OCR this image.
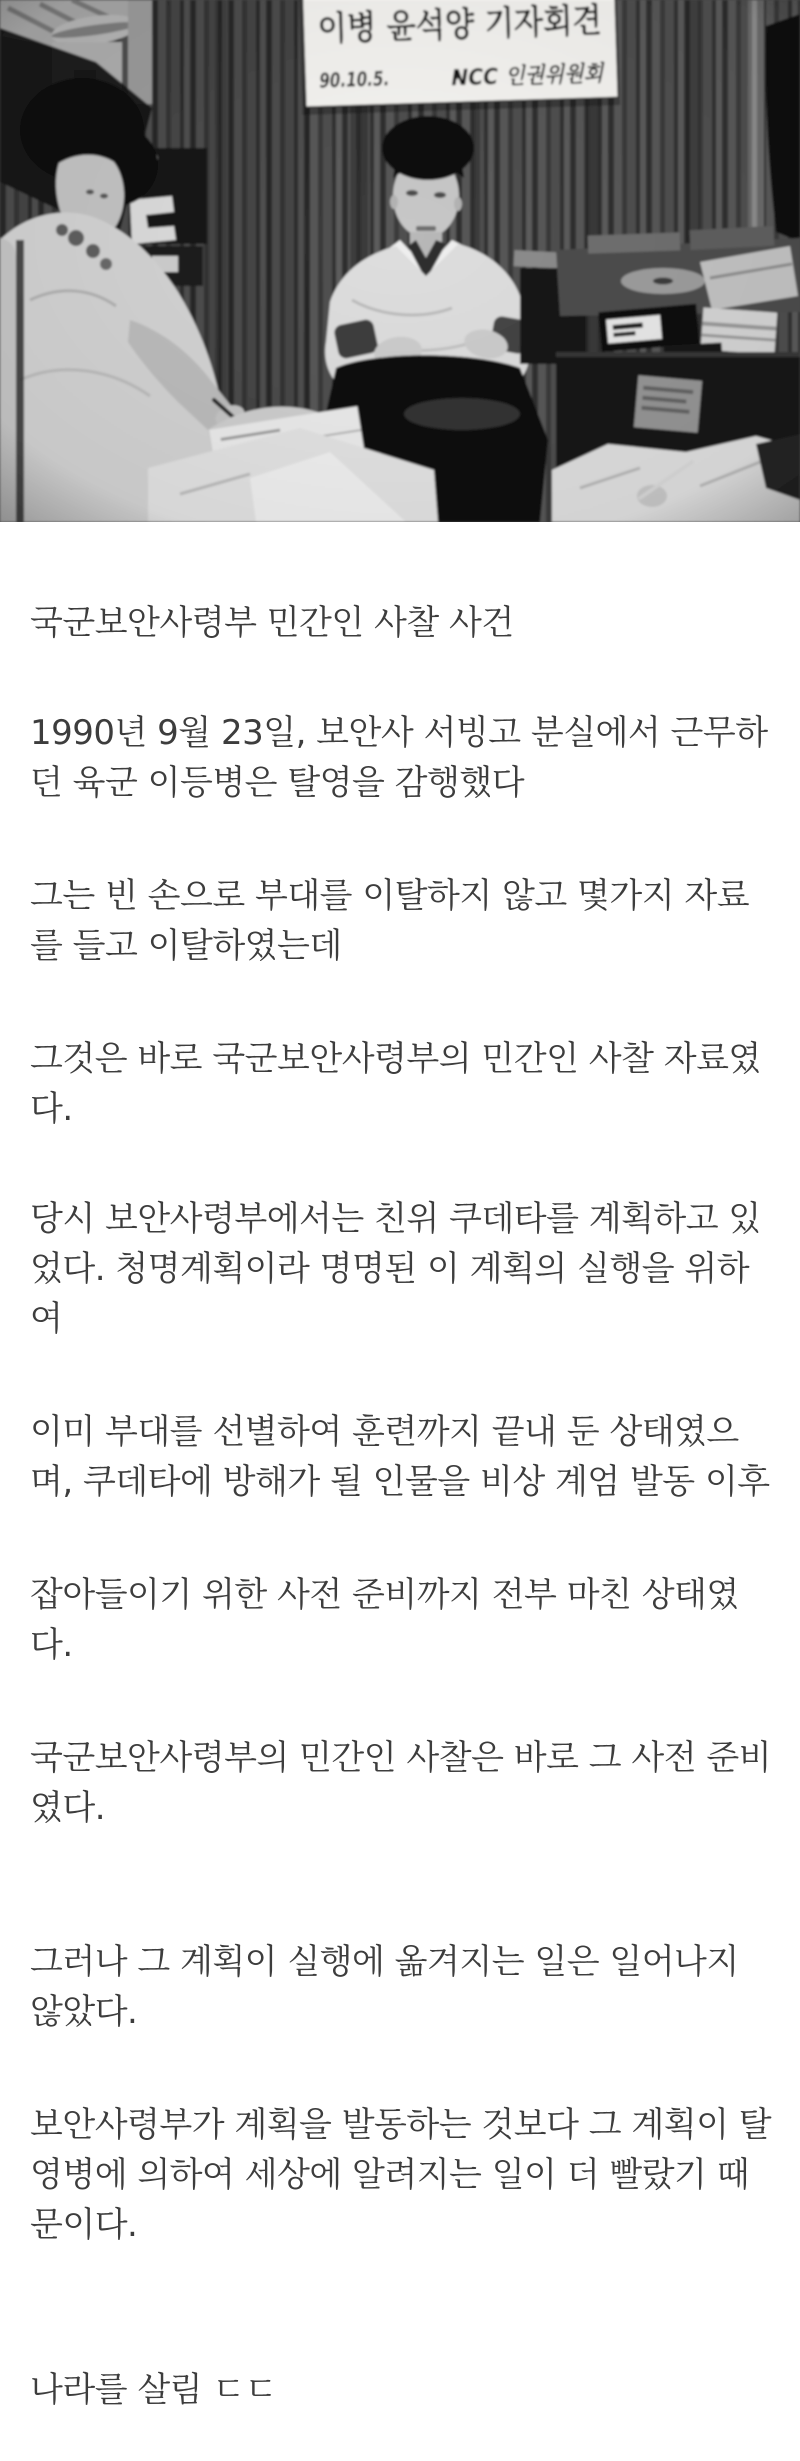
국군보안사령부 민간인 사찰 사건
1990년 9월 23일, 보안사 서빙고 분실에서 근무하
던 육군 이등병은 탈영을 감행했다
그는 빈 손으로 부대를 이탈하지 않고 몇가지 자료
를 들고 이탈하였는데
그것은 바로 국군보안사령부의 민간인 사찰 자료였
다.
당시 보안사령부에서는 친위 쿠데타를 계획하고 있
었다. 청명계획이라 명명된 이 계획의 실행을 위하
여
이미 부대를 선별하여 훈련까지 끝내 둔 상태였으
며, 쿠데타에 방해가 될 인물을 비상 계엄 발동 이후
잡아들이기 위한 사전 준비까지 전부 마친 상태였
다.
국군보안사령부의 민간인 사찰은 바로 그 사전 준비
였다.
그러나 그 계획이 실행에 옮겨지는 일은 일어나지
않았다.
보안사령부가 계획을 발동하는 것보다 그 계획이 탈
영병에 의하여 세상에 알려지는 일이 더 빨랐기 때
문이다.
나라를 살림 ㄷㄷ
